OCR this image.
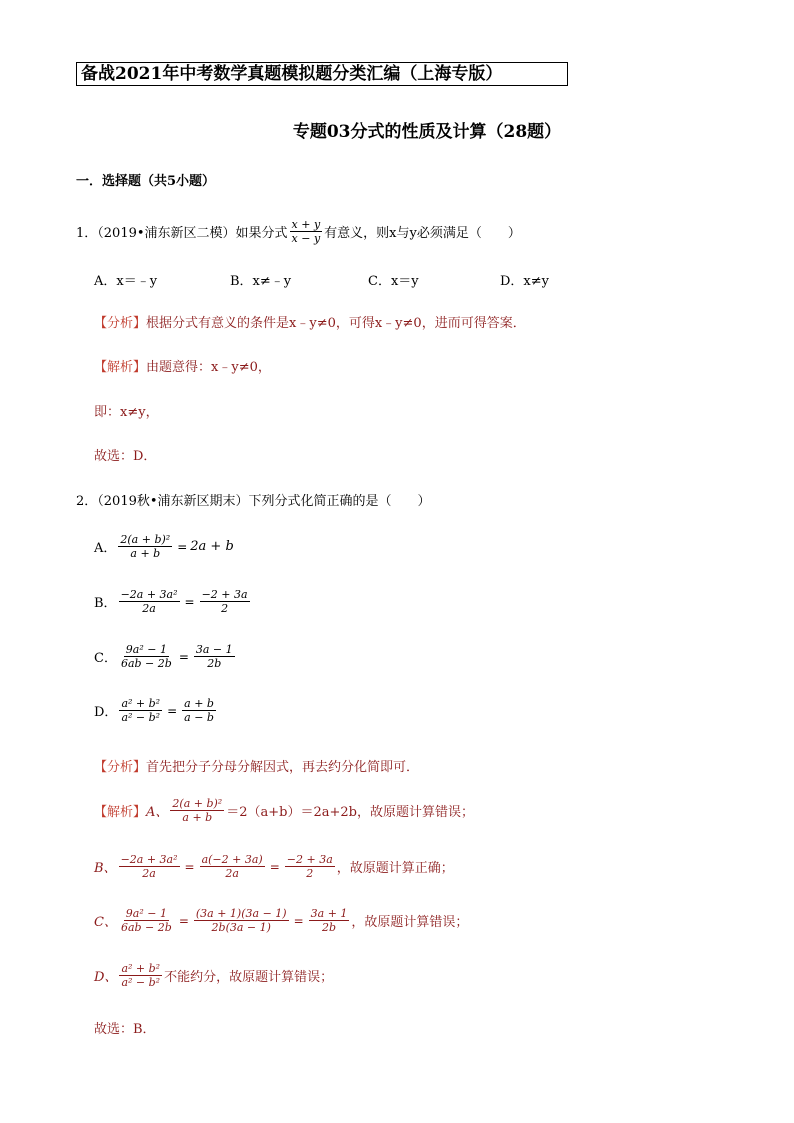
备战2021年中考数学真题模拟题分类汇编（上海专版）
专题03分式的性质及计算（28题）
一．选择题（共5小题）
1．（2019•浦东新区二模）如果分式 $\frac{x + y}{x - y}$ 有意义，则x与y必须满足（　　）
A．x＝﹣y	B．x≠﹣y	C．x＝y	D．x≠y
【分析】根据分式有意义的条件是x﹣y≠0，可得x﹣y≠0，进而可得答案．
【解析】由题意得：x﹣y≠0，
即：x≠y，
故选：D．
2．（2019秋•浦东新区期末）下列分式化简正确的是（　　）
A． $\frac{\text{2(a + b)²}}{a + b} = 2a + b$
B． $\frac{\text{−2a + 3a²}}{2a} = \frac{-2 + 3a}{2}$
C． $\frac{\text{9a² − 1}}{6ab - 2b} = \frac{3a - 1}{2b}$
D． $\frac{\text{a² + b²}}{\text{a² − b²}} = \frac{a + b}{a - b}$
【分析】首先把分子分母分解因式，再去约分化简即可．
【解析】 A、 $\frac{\text{2(a + b)²}}{a + b} =2(a+b)=2a+2b$，故原题计算错误；
B、 $\frac{\text{−2a + 3a²}}{2a} = \frac{a(-2 + 3a)}{2a} = \frac{-2 + 3a}{2}$ ，故原题计算正确；
C、 $\frac{\text{9a² − 1}}{6ab - 2b} = \frac{(3a + 1)(3a - 1)}{2b(3a - 1)} = \frac{3a + 1}{2b}$ ，故原题计算错误；
D、 $\frac{\text{a² + b²}}{\text{a² − b²}}$ 不能约分，故原题计算错误；
故选：B．
